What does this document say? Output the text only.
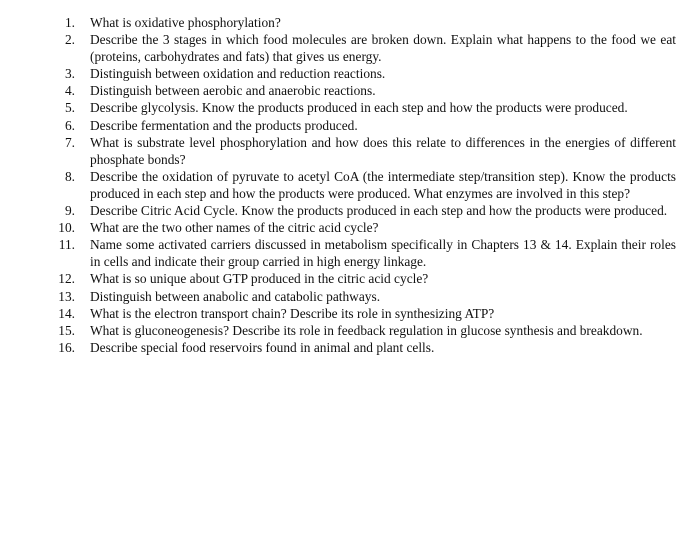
1.	What is oxidative phosphorylation?
2.	Describe the 3 stages in which food molecules are broken down. Explain what happens to the food we eat (proteins, carbohydrates and fats) that gives us energy.
3.	Distinguish between oxidation and reduction reactions.
4.	Distinguish between aerobic and anaerobic reactions.
5.	Describe glycolysis. Know the products produced in each step and how the products were produced.
6.	Describe fermentation and the products produced.
7.	What is substrate level phosphorylation and how does this relate to differences in the energies of different phosphate bonds?
8.	Describe the oxidation of pyruvate to acetyl CoA (the intermediate step/transition step). Know the products produced in each step and how the products were produced. What enzymes are involved in this step?
9.	Describe Citric Acid Cycle. Know the products produced in each step and how the products were produced.
10.	What are the two other names of the citric acid cycle?
11.	Name some activated carriers discussed in metabolism specifically in Chapters 13 & 14. Explain their roles in cells and indicate their group carried in high energy linkage.
12.	What is so unique about GTP produced in the citric acid cycle?
13.	Distinguish between anabolic and catabolic pathways.
14.	What is the electron transport chain? Describe its role in synthesizing ATP?
15.	What is gluconeogenesis? Describe its role in feedback regulation in glucose synthesis and breakdown.
16.	Describe special food reservoirs found in animal and plant cells.
